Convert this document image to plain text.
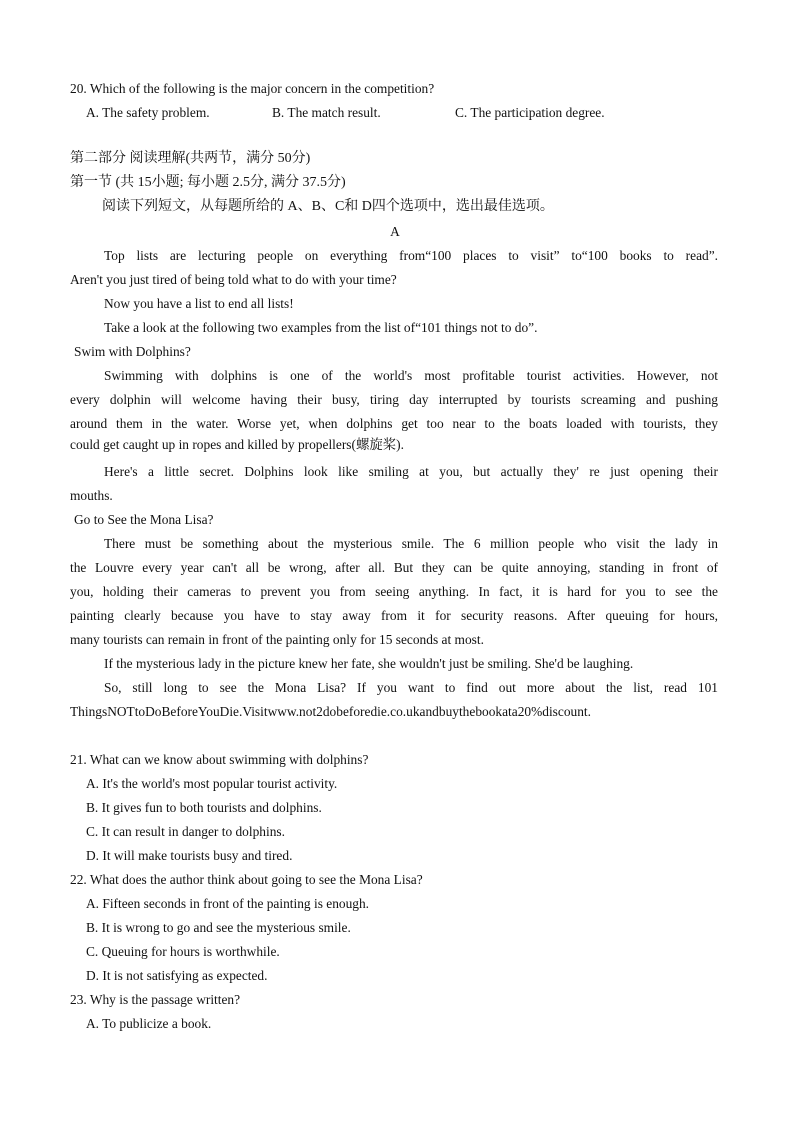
20. Which of the following is the major concern in the competition?
A. The safety problem.	B. The match result.	C. The participation degree.
第二部分 阅读理解(共两节，满分 50分)
第一节 (共 15小题; 每小题 2.5分, 满分 37.5分)
阅读下列短文，从每题所给的 A、B、C和 D四个选项中，选出最佳选项。
A
Top lists are lecturing people on everything from“100 places to visit” to“100 books to read”.
Aren't you just tired of being told what to do with your time?
Now you have a list to end all lists!
Take a look at the following two examples from the list of“101 things not to do”.
Swim with Dolphins?
Swimming with dolphins is one of the world's most profitable tourist activities. However, not
every dolphin will welcome having their busy, tiring day interrupted by tourists screaming and pushing
around them in the water. Worse yet, when dolphins get too near to the boats loaded with tourists, they
could get caught up in ropes and killed by propellers(螺旋桨).
Here's a little secret. Dolphins look like smiling at you, but actually they' re just opening their
mouths.
Go to See the Mona Lisa?
There must be something about the mysterious smile. The 6 million people who visit the lady in
the Louvre every year can't all be wrong, after all. But they can be quite annoying, standing in front of
you, holding their cameras to prevent you from seeing anything. In fact, it is hard for you to see the
painting clearly because you have to stay away from it for security reasons. After queuing for hours,
many tourists can remain in front of the painting only for 15 seconds at most.
If the mysterious lady in the picture knew her fate, she wouldn't just be smiling. She'd be laughing.
So, still long to see the Mona Lisa? If you want to find out more about the list, read 101
ThingsNOTtoDoBeforeYouDie.Visitwww.not2dobeforedie.co.ukandbuythebookata20%discount.
21. What can we know about swimming with dolphins?
A. It's the world's most popular tourist activity.
B. It gives fun to both tourists and dolphins.
C. It can result in danger to dolphins.
D. It will make tourists busy and tired.
22. What does the author think about going to see the Mona Lisa?
A. Fifteen seconds in front of the painting is enough.
B. It is wrong to go and see the mysterious smile.
C. Queuing for hours is worthwhile.
D. It is not satisfying as expected.
23. Why is the passage written?
A. To publicize a book.
